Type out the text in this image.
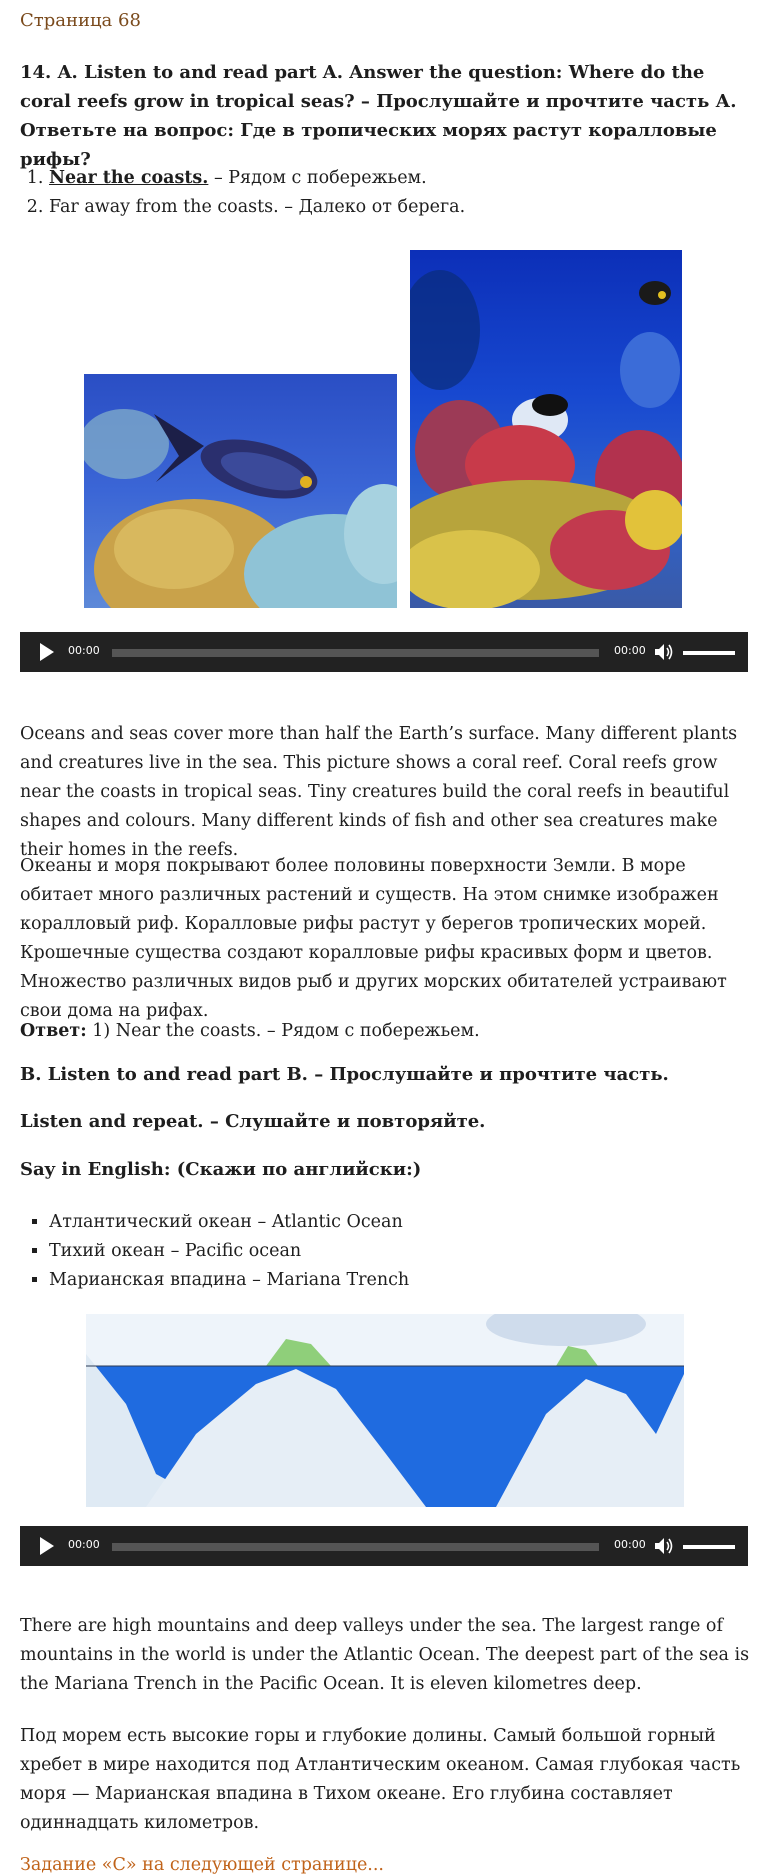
Страница 68
14. A. Listen to and read part A. Answer the question: Where do the coral reefs grow in tropical seas? – Прослушайте и прочтите часть А. Ответьте на вопрос: Где в тропических морях растут коралловые рифы?
1. Near the coasts. – Рядом с побережьем.
2. Far away from the coasts. – Далеко от берега.
00:00	00:00
Oceans and seas cover more than half the Earth’s surface. Many different plants and creatures live in the sea. This picture shows a coral reef. Coral reefs grow near the coasts in tropical seas. Tiny creatures build the coral reefs in beautiful shapes and colours. Many different kinds of fish and other sea creatures make their homes in the reefs.
Океаны и моря покрывают более половины поверхности Земли. В море обитает много различных растений и существ. На этом снимке изображен коралловый риф. Коралловые рифы растут у берегов тропических морей. Крошечные существа создают коралловые рифы красивых форм и цветов. Множество различных видов рыб и других морских обитателей устраивают свои дома на рифах.
Ответ: 1) Near the coasts. – Рядом с побережьем.
B. Listen to and read part B. – Прослушайте и прочтите часть.
Listen and repeat. – Слушайте и повторяйте.
Say in English: (Скажи по английски:)
▪ Атлантический океан – Atlantic Ocean
▪ Тихий океан – Pacific ocean
▪ Марианская впадина – Mariana Trench
00:00	00:00
There are high mountains and deep valleys under the sea. The largest range of mountains in the world is under the Atlantic Ocean. The deepest part of the sea is the Mariana Trench in the Pacific Ocean. It is eleven kilometres deep.
Под морем есть высокие горы и глубокие долины. Самый большой горный хребет в мире находится под Атлантическим океаном. Самая глубокая часть моря — Марианская впадина в Тихом океане. Его глубина составляет одиннадцать километров.
Задание «С» на следующей странице...
